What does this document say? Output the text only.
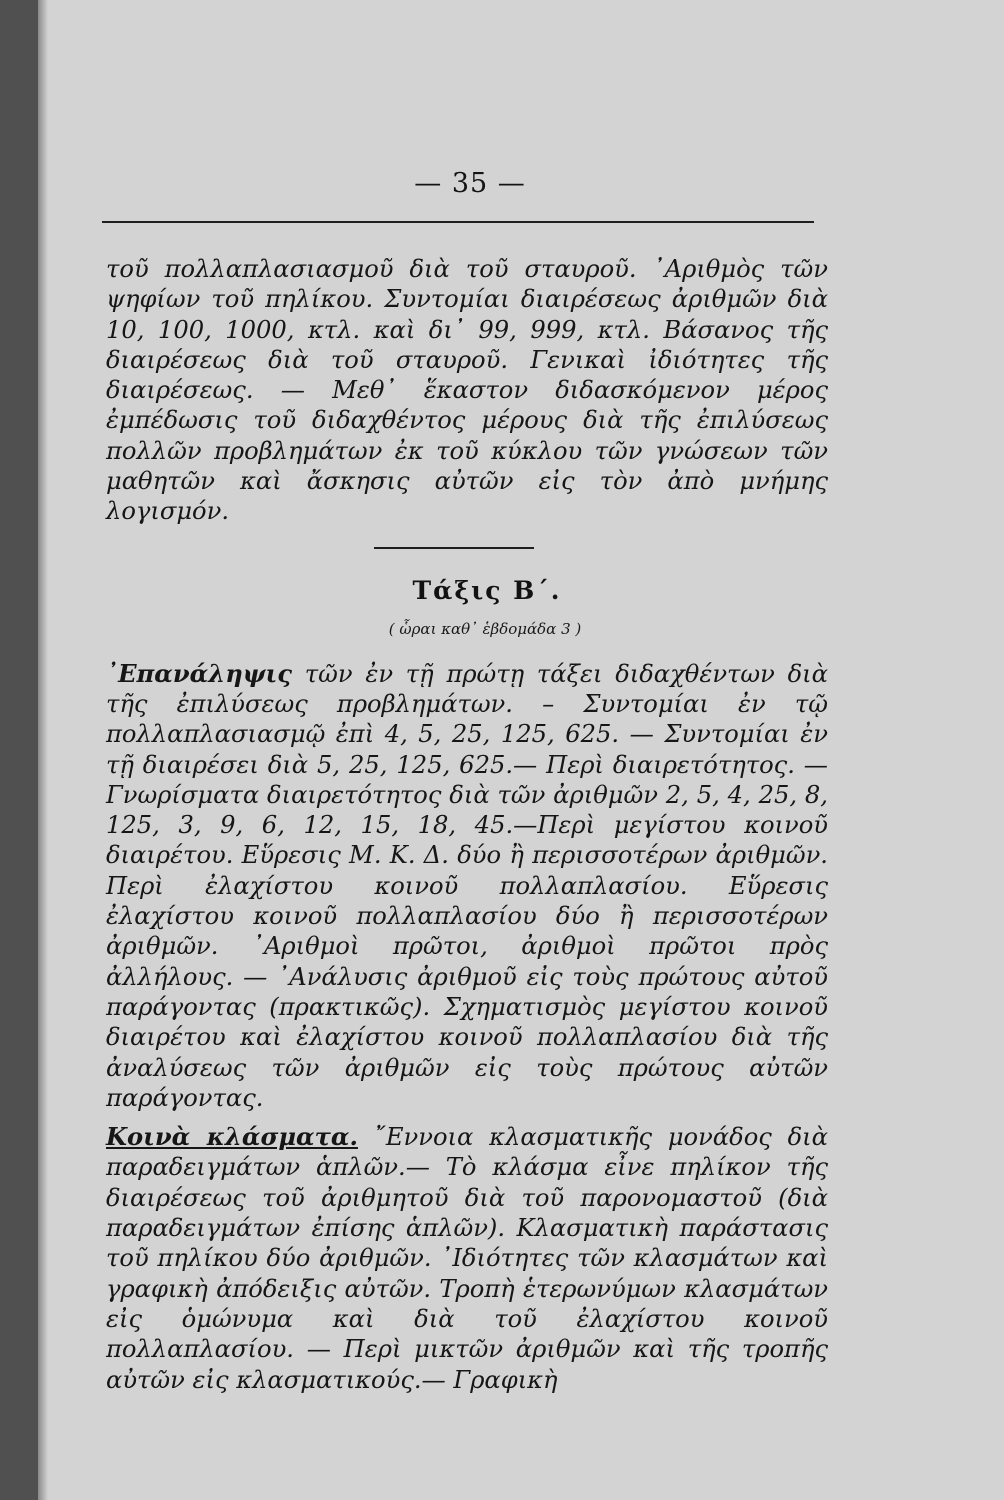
— 35 —

τοῦ πολλαπλασιασμοῦ διὰ τοῦ σταυροῦ. ᾿Αριθμὸς τῶν ψηφίων τοῦ πηλίκου. Συντομίαι διαιρέσεως ἀριθμῶν διὰ 10, 100, 1000, κτλ. καὶ δι᾿ 99, 999, κτλ. Βάσανος τῆς διαιρέσεως διὰ τοῦ σταυροῦ. Γενικαὶ ἰδιότητες τῆς διαιρέσεως. — Μεθ᾿ ἕκαστον διδασκόμενον μέρος ἐμπέδωσις τοῦ διδαχθέντος μέρους διὰ τῆς ἐπιλύσεως πολλῶν προβλημάτων ἐκ τοῦ κύκλου τῶν γνώσεων τῶν μαθητῶν καὶ ἄσκησις αὐτῶν εἰς τὸν ἀπὸ μνήμης λογισμόν.

Τάξις Β΄.
( ὧραι καθ᾿ ἑβδομάδα 3 )

᾿Επανάληψις τῶν ἐν τῇ πρώτῃ τάξει διδαχθέντων διὰ τῆς ἐπιλύσεως προβλημάτων. – Συντομίαι ἐν τῷ πολλαπλασιασμῷ ἐπὶ 4, 5, 25, 125, 625. — Συντομίαι ἐν τῇ διαιρέσει διὰ 5, 25, 125, 625.— Περὶ διαιρετότητος. — Γνωρίσματα διαιρετότητος διὰ τῶν ἀριθμῶν 2, 5, 4, 25, 8, 125, 3, 9, 6, 12, 15, 18, 45.—Περὶ μεγίστου κοινοῦ διαιρέτου. Εὕρεσις Μ. Κ. Δ. δύο ἢ περισσοτέρων ἀριθμῶν. Περὶ ἐλαχίστου κοινοῦ πολλαπλασίου. Εὕρεσις ἐλαχίστου κοινοῦ πολλαπλασίου δύο ἢ περισσοτέρων ἀριθμῶν. ᾿Αριθμοὶ πρῶτοι, ἀριθμοὶ πρῶτοι πρὸς ἀλλήλους. — ᾿Ανάλυσις ἀριθμοῦ εἰς τοὺς πρώτους αὐτοῦ παράγοντας (πρακτικῶς). Σχηματισμὸς μεγίστου κοινοῦ διαιρέτου καὶ ἐλαχίστου κοινοῦ πολλαπλασίου διὰ τῆς ἀναλύσεως τῶν ἀριθμῶν εἰς τοὺς πρώτους αὐτῶν παράγοντας.

Κοινὰ κλάσματα. ῎Εννοια κλασματικῆς μονάδος διὰ παραδειγμάτων ἁπλῶν.— Τὸ κλάσμα εἶνε πηλίκον τῆς διαιρέσεως τοῦ ἀριθμητοῦ διὰ τοῦ παρονομαστοῦ (διὰ παραδειγμάτων ἐπίσης ἁπλῶν). Κλασματικὴ παράστασις τοῦ πηλίκου δύο ἀριθμῶν. ᾿Ιδιότητες τῶν κλασμάτων καὶ γραφικὴ ἀπόδειξις αὐτῶν. Τροπὴ ἑτερωνύμων κλασμάτων εἰς ὁμώνυμα καὶ διὰ τοῦ ἐλαχίστου κοινοῦ πολλαπλασίου. — Περὶ μικτῶν ἀριθμῶν καὶ τῆς τροπῆς αὐτῶν εἰς κλασματικούς.— Γραφικὴ
